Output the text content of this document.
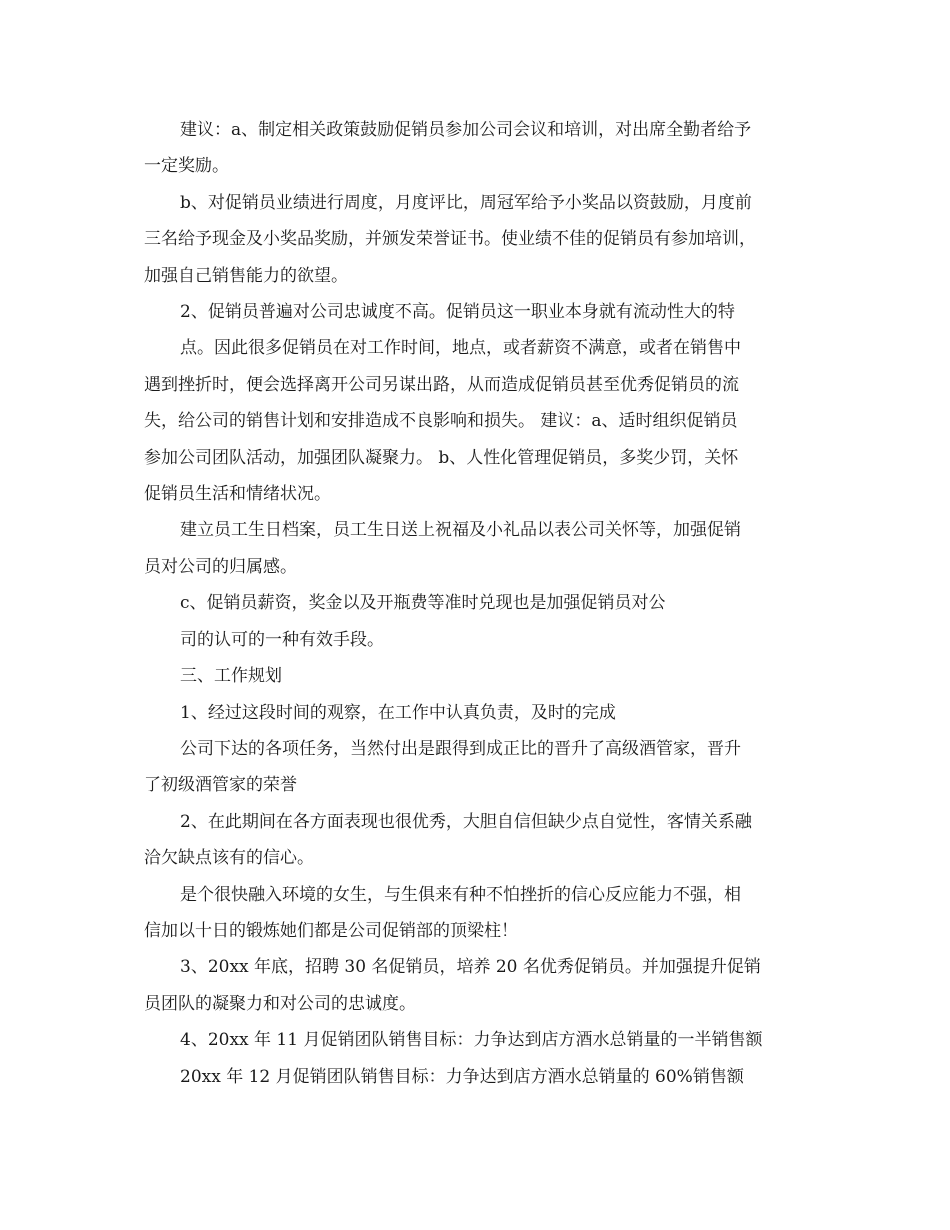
建议：a、制定相关政策鼓励促销员参加公司会议和培训，对出席全勤者给予

一定奖励。

b、对促销员业绩进行周度，月度评比，周冠军给予小奖品以资鼓励，月度前

三名给予现金及小奖品奖励，并颁发荣誉证书。使业绩不佳的促销员有参加培训，

加强自己销售能力的欲望。

2、促销员普遍对公司忠诚度不高。促销员这一职业本身就有流动性大的特

点。因此很多促销员在对工作时间，地点，或者薪资不满意，或者在销售中

遇到挫折时，便会选择离开公司另谋出路，从而造成促销员甚至优秀促销员的流

失，给公司的销售计划和安排造成不良影响和损失。 建议：a、适时组织促销员

参加公司团队活动，加强团队凝聚力。 b、人性化管理促销员，多奖少罚，关怀

促销员生活和情绪状况。

建立员工生日档案，员工生日送上祝福及小礼品以表公司关怀等，加强促销

员对公司的归属感。

c、促销员薪资，奖金以及开瓶费等准时兑现也是加强促销员对公

司的认可的一种有效手段。

三、工作规划

1、经过这段时间的观察，在工作中认真负责，及时的完成

公司下达的各项任务，当然付出是跟得到成正比的晋升了高级酒管家，晋升

了初级酒管家的荣誉

2、在此期间在各方面表现也很优秀，大胆自信但缺少点自觉性，客情关系融

洽欠缺点该有的信心。

是个很快融入环境的女生，与生俱来有种不怕挫折的信心反应能力不强，相

信加以十日的锻炼她们都是公司促销部的顶梁柱！

3、20xx 年底，招聘 30 名促销员，培养 20 名优秀促销员。并加强提升促销

员团队的凝聚力和对公司的忠诚度。

4、20xx 年 11 月促销团队销售目标：力争达到店方酒水总销量的一半销售额

20xx 年 12 月促销团队销售目标：力争达到店方酒水总销量的 60%销售额
